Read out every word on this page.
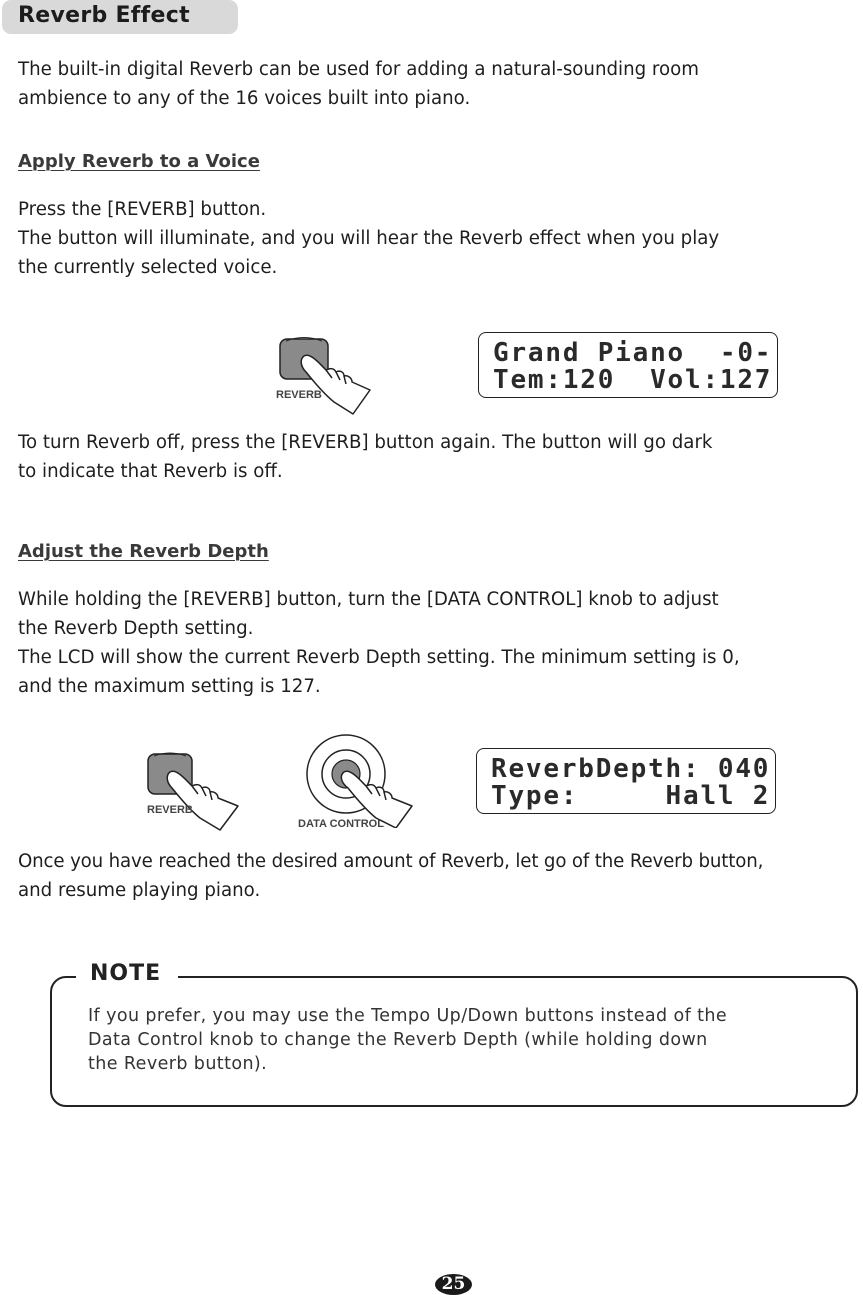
Reverb Effect

The built-in digital Reverb can be used for adding a natural-sounding room

ambience to any of the 16 voices built into piano.

Apply Reverb to a Voice

Press the [REVERB] button.

The button will illuminate, and you will hear the Reverb effect when you play

the currently selected voice.

REVERB
Grand Piano  -0-
Tem:120  Vol:127

To turn Reverb off, press the [REVERB] button again. The button will go dark

to indicate that Reverb is off.

Adjust the Reverb Depth

While holding the [REVERB] button, turn the [DATA CONTROL] knob to adjust

the Reverb Depth setting.

The LCD will show the current Reverb Depth setting. The minimum setting is 0,

and the maximum setting is 127.

REVERB
DATA CONTROL
ReverbDepth: 040
Type:     Hall 2

Once you have reached the desired amount of Reverb, let go of the Reverb button,

and resume playing piano.

NOTE
If you prefer, you may use the Tempo Up/Down buttons instead of the
Data Control knob to change the Reverb Depth (while holding down
the Reverb button).
25
